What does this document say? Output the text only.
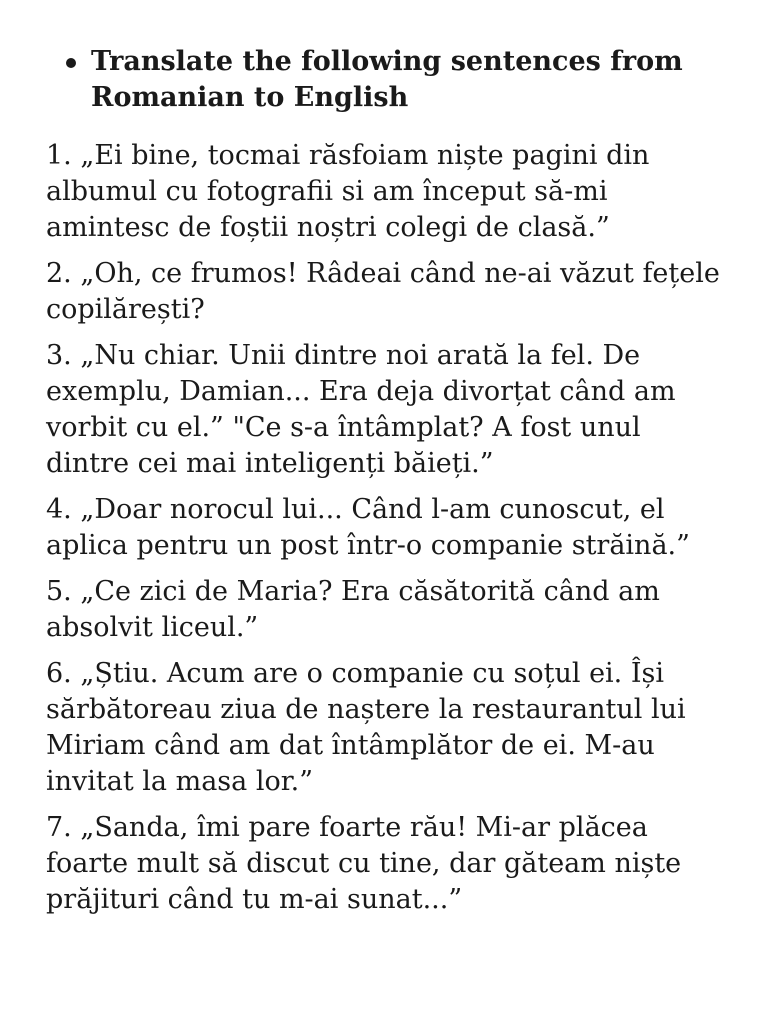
Translate the following sentences from Romanian to English

1. „Ei bine, tocmai răsfoiam niște pagini din albumul cu fotografii si am început să-mi amintesc de foștii noștri colegi de clasă.”

2. „Oh, ce frumos! Râdeai când ne-ai văzut fețele copilărești?

3. „Nu chiar. Unii dintre noi arată la fel. De exemplu, Damian... Era deja divorțat când am vorbit cu el.” "Ce s-a întâmplat? A fost unul dintre cei mai inteligenți băieți.”

4. „Doar norocul lui... Când l-am cunoscut, el aplica pentru un post într-o companie străină.”

5. „Ce zici de Maria? Era căsătorită când am absolvit liceul.”

6. „Știu. Acum are o companie cu soțul ei. Își sărbătoreau ziua de naștere la restaurantul lui Miriam când am dat întâmplător de ei. M-au invitat la masa lor.”

7. „Sanda, îmi pare foarte rău! Mi-ar plăcea foarte mult să discut cu tine, dar găteam niște prăjituri când tu m-ai sunat...”
